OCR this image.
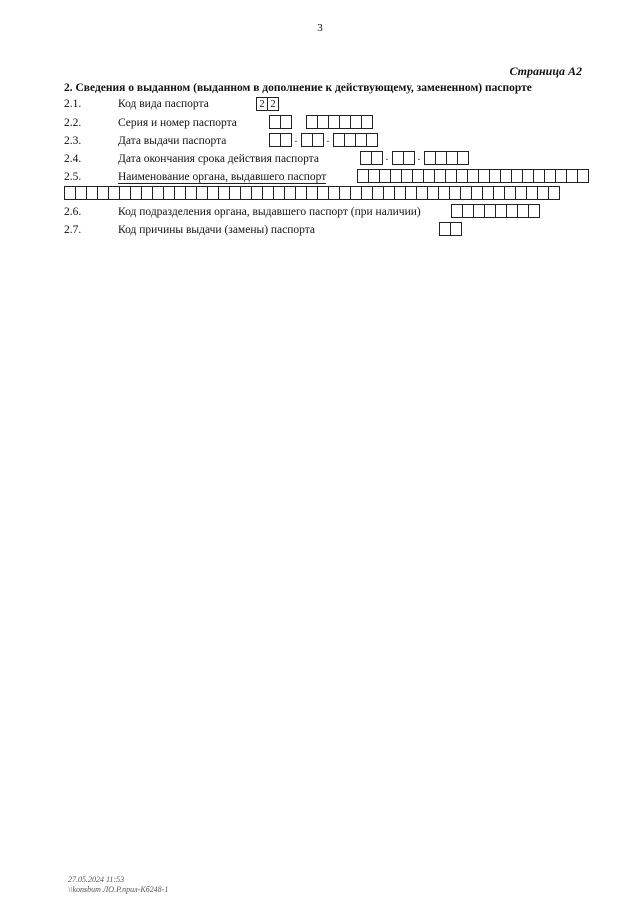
3
Страница А2
2. Сведения о выданном (выданном в дополнение к действующему, замененном) паспорте
2.1.	Код вида паспорта	2 2
2.2.	Серия и номер паспорта
2.3.	Дата выдачи паспорта	.	.
2.4.	Дата окончания срока действия паспорта	.	.
2.5.	Наименование органа, выдавшего паспорт
2.6.	Код подразделения органа, выдавшего паспорт (при наличии)
2.7.	Код причины выдачи (замены) паспорта
27.05.2024 11:53
\\konsbum ЛО.Р.прил-Кб248-1
